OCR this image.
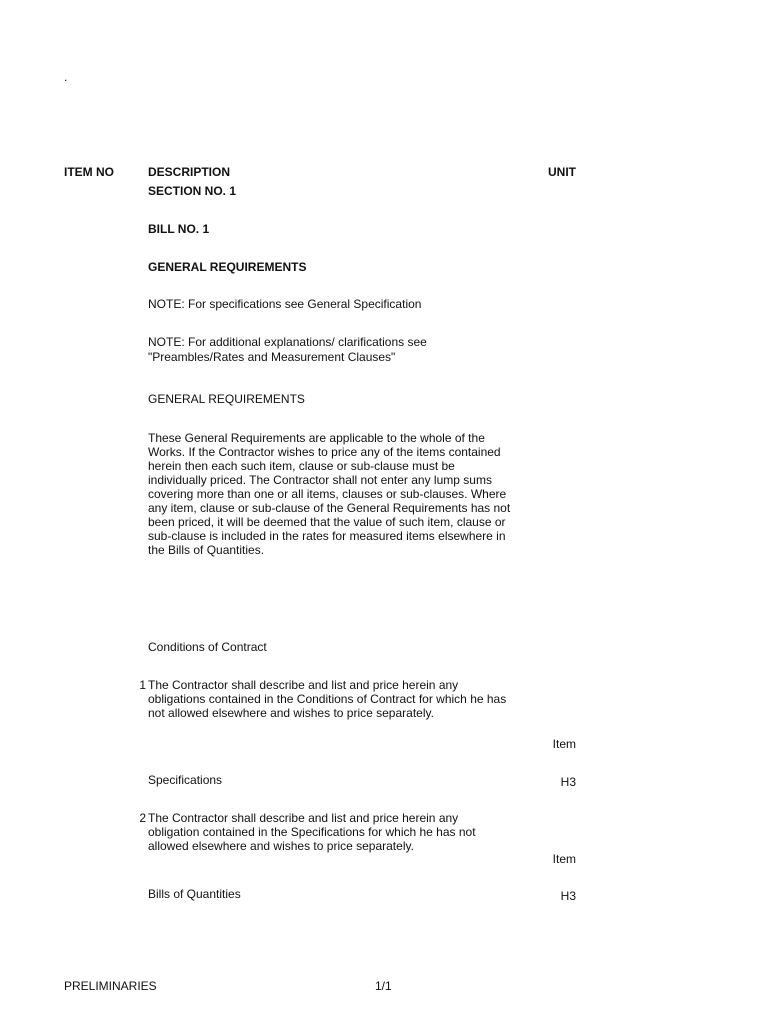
.
ITEM NO	DESCRIPTION	UNIT
SECTION NO. 1
BILL NO. 1
GENERAL REQUIREMENTS
NOTE: For specifications see General Specification
NOTE: For additional explanations/ clarifications see
"Preambles/Rates and Measurement Clauses"
GENERAL REQUIREMENTS
These General Requirements are applicable to the whole of the
Works. If the Contractor wishes to price any of the items contained
herein then each such item, clause or sub-clause must be
individually priced. The Contractor shall not enter any lump sums
covering more than one or all items, clauses or sub-clauses. Where
any item, clause or sub-clause of the General Requirements has not
been priced, it will be deemed that the value of such item, clause or
sub-clause is included in the rates for measured items elsewhere in
the Bills of Quantities.
Conditions of Contract
1 The Contractor shall describe and list and price herein any
obligations contained in the Conditions of Contract for which he has
not allowed elsewhere and wishes to price separately.
Item
Specifications	H3
2 The Contractor shall describe and list and price herein any
obligation contained in the Specifications for which he has not
allowed elsewhere and wishes to price separately.
Item
Bills of Quantities	H3
PRELIMINARIES	1/1
